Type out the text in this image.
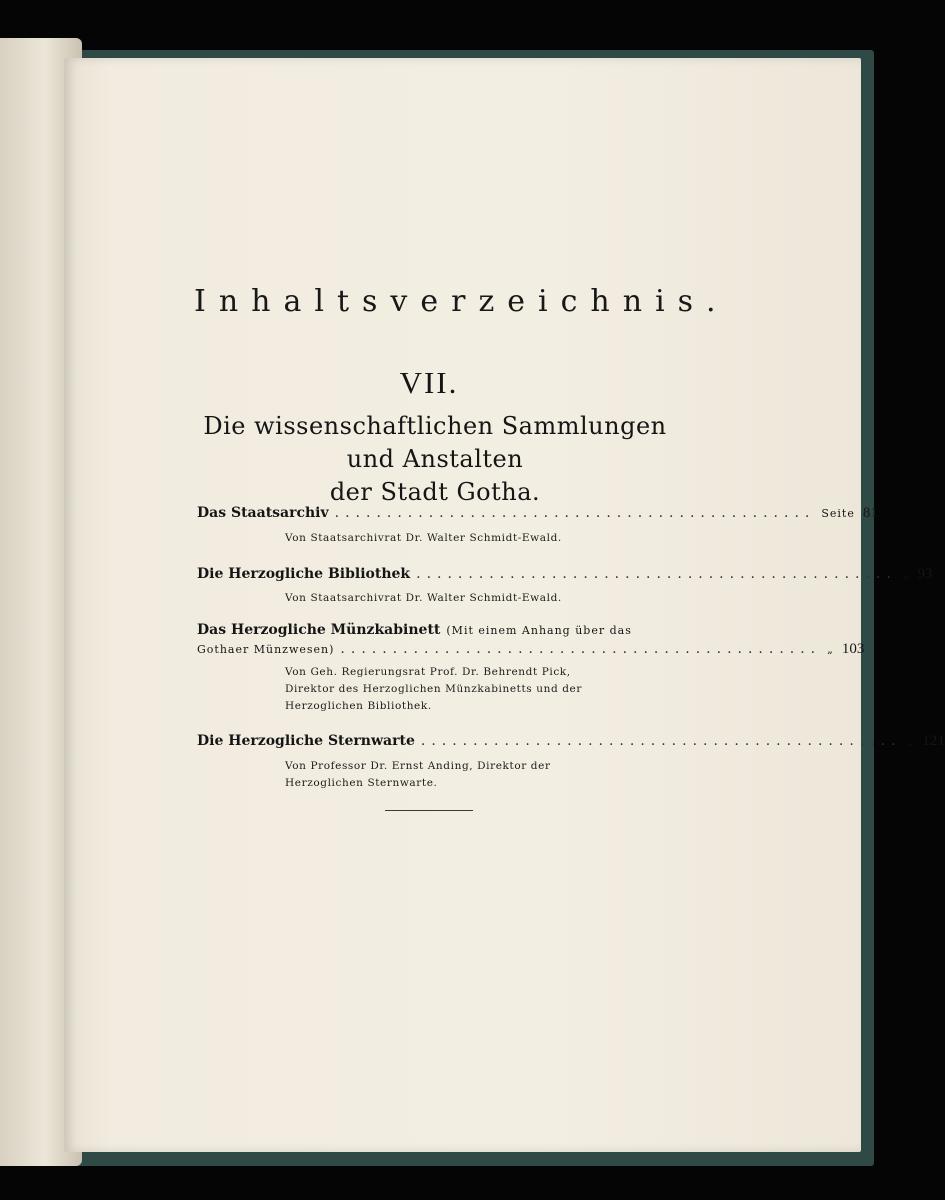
Inhaltsverzeichnis.
VII.
Die wissenschaftlichen Sammlungen und Anstalten
der Stadt Gotha.
Das Staatsarchiv .............................................. Seite 81
Von Staatsarchivrat Dr. Walter Schmidt-Ewald.
Die Herzogliche Bibliothek .............................................. „ 93
Von Staatsarchivrat Dr. Walter Schmidt-Ewald.
Das Herzogliche Münzkabinett (Mit einem Anhang über das
Gothaer Münzwesen) .............................................. „ 103
Von Geh. Regierungsrat Prof. Dr. Behrendt Pick,
Direktor des Herzoglichen Münzkabinetts und der
Herzoglichen Bibliothek.
Die Herzogliche Sternwarte .............................................. „ 121
Von Professor Dr. Ernst Anding, Direktor der
Herzoglichen Sternwarte.
